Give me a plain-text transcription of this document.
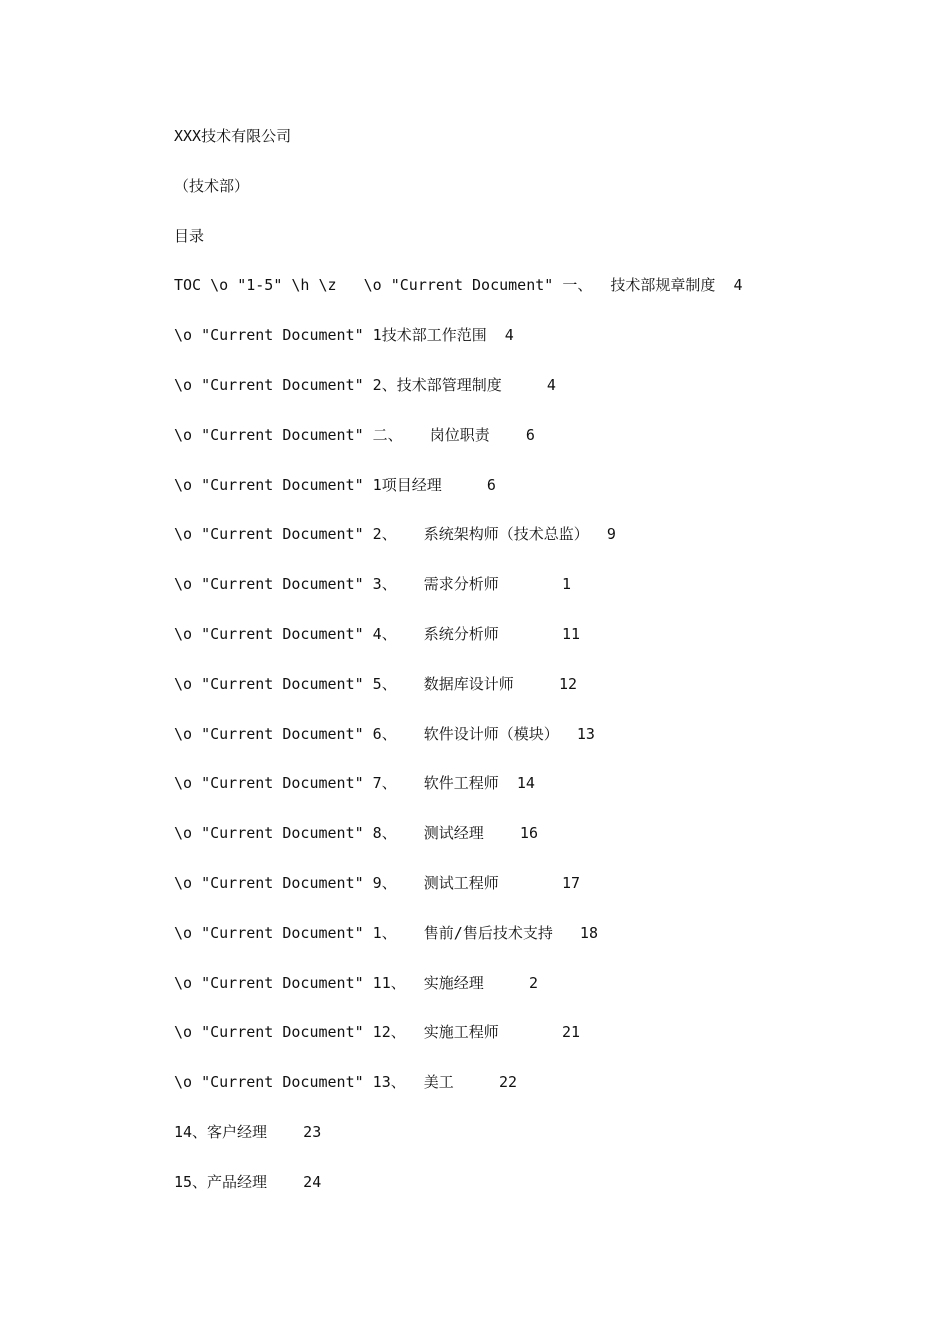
XXX技术有限公司
（技术部）
目录
TOC \o "1-5" \h \z   \o "Current Document" 一、  技术部规章制度  4
\o "Current Document" 1技术部工作范围  4
\o "Current Document" 2、技术部管理制度     4
\o "Current Document" 二、   岗位职责    6
\o "Current Document" 1项目经理     6
\o "Current Document" 2、   系统架构师（技术总监）  9
\o "Current Document" 3、   需求分析师       1
\o "Current Document" 4、   系统分析师       11
\o "Current Document" 5、   数据库设计师     12
\o "Current Document" 6、   软件设计师（模块）  13
\o "Current Document" 7、   软件工程师  14
\o "Current Document" 8、   测试经理    16
\o "Current Document" 9、   测试工程师       17
\o "Current Document" 1、   售前/售后技术支持   18
\o "Current Document" 11、  实施经理     2
\o "Current Document" 12、  实施工程师       21
\o "Current Document" 13、  美工     22
14、客户经理    23
15、产品经理    24
